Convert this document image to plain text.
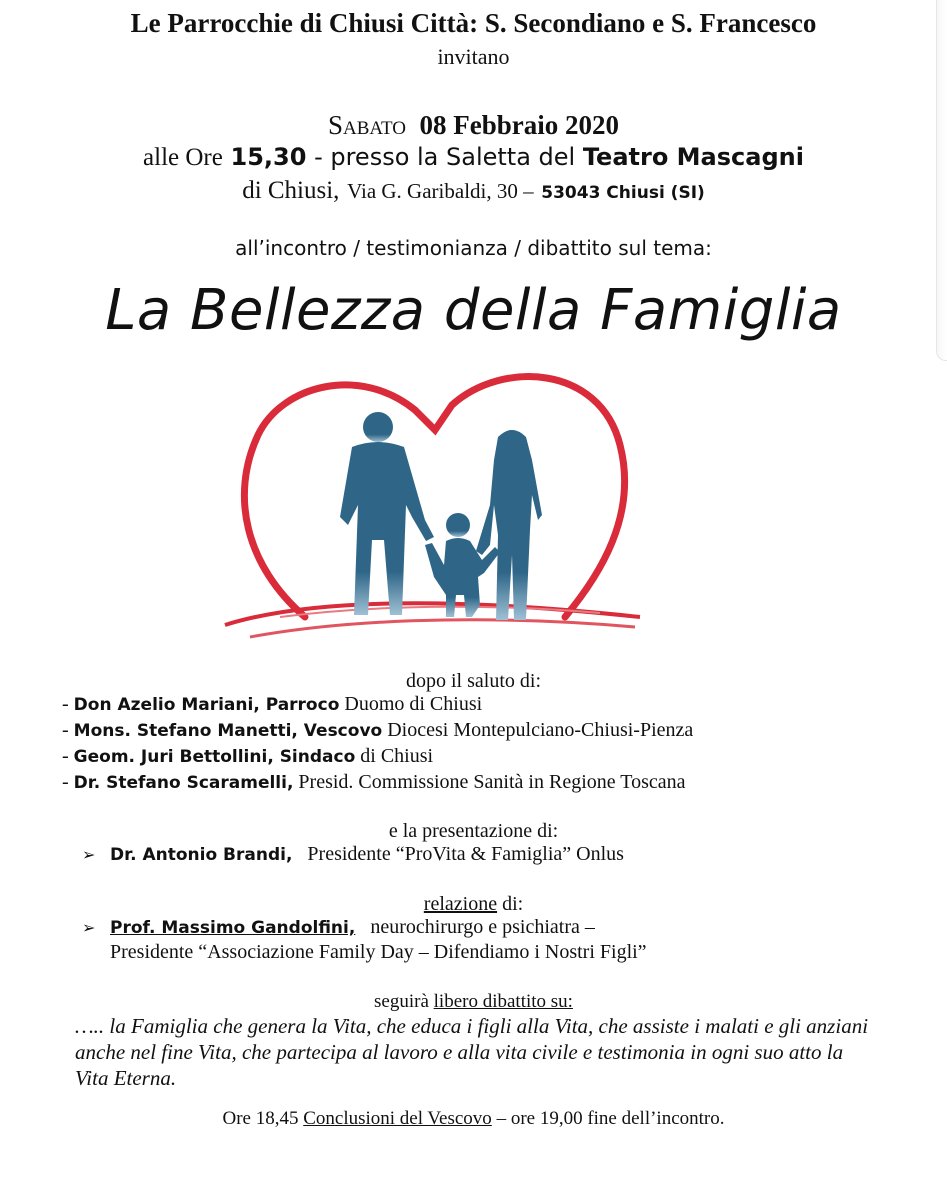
Le Parrocchie di Chiusi Città: S. Secondiano e S. Francesco
invitano
Sabato 08 Febbraio 2020
alle Ore 15,30 - presso la Saletta del Teatro Mascagni
di Chiusi, Via G. Garibaldi, 30 – 53043 Chiusi (SI)
all’incontro / testimonianza / dibattito sul tema:
La Bellezza della Famiglia
dopo il saluto di:
- Don Azelio Mariani, Parroco Duomo di Chiusi
- Mons. Stefano Manetti, Vescovo Diocesi Montepulciano-Chiusi-Pienza
- Geom. Juri Bettollini, Sindaco di Chiusi
- Dr. Stefano Scaramelli, Presid. Commissione Sanità in Regione Toscana
e la presentazione di:
➢ Dr. Antonio Brandi, Presidente “ProVita & Famiglia” Onlus
relazione di:
➢ Prof. Massimo Gandolfini, neurochirurgo e psichiatra –
Presidente “Associazione Family Day – Difendiamo i Nostri Figli”
seguirà libero dibattito su:
….. la Famiglia che genera la Vita, che educa i figli alla Vita, che assiste i malati e gli anziani anche nel fine Vita, che partecipa al lavoro e alla vita civile e testimonia in ogni suo atto la Vita Eterna.
Ore 18,45 Conclusioni del Vescovo – ore 19,00 fine dell’incontro.
